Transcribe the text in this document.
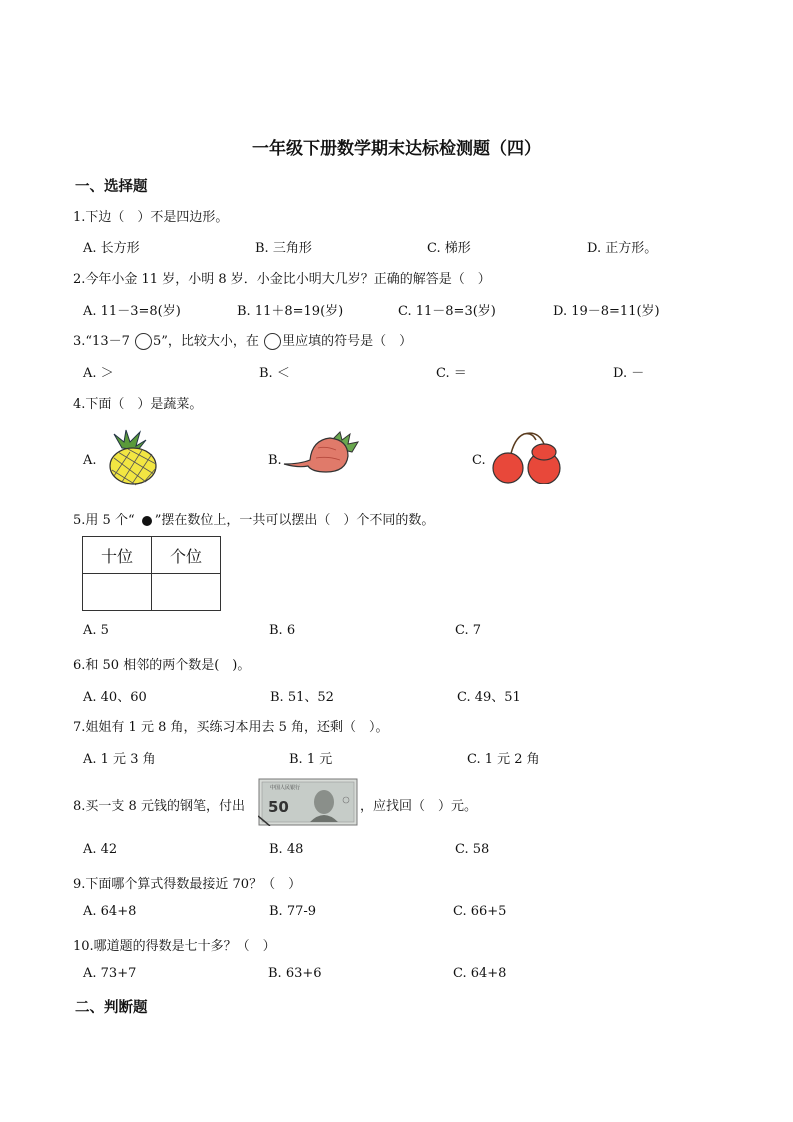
一年级下册数学期末达标检测题（四）
一、选择题
1.下边（　）不是四边形。
A. 长方形	B. 三角形	C. 梯形	D. 正方形。
2.今年小金 11 岁，小明 8 岁．小金比小明大几岁？正确的解答是（　）
A. 11－3=8(岁)	B. 11＋8=19(岁)	C. 11－8=3(岁)	D. 19－8=11(岁)
3.“13－7 5”，比较大小，在 里应填的符号是（　）
A. ＞	B. ＜	C. ＝	D. －
4.下面（　）是蔬菜。
A.	B.	C.
5.用 5 个“ ”摆在数位上，一共可以摆出（　）个不同的数。
十位	个位

A. 5	B. 6	C. 7
6.和 50 相邻的两个数是(　)。
A. 40、60	B. 51、52	C. 49、51
7.姐姐有 1 元 8 角，买练习本用去 5 角，还剩（　）。
A. 1 元 3 角	B. 1 元	C. 1 元 2 角
8.买一支 8 元钱的钢笔，付出
中国人民银行
50	，应找回（　）元。
A. 42	B. 48	C. 58
9.下面哪个算式得数最接近 70？（　）
A. 64+8	B. 77-9	C. 66+5
10.哪道题的得数是七十多？（　）
A. 73+7	B. 63+6	C. 64+8
二、判断题
